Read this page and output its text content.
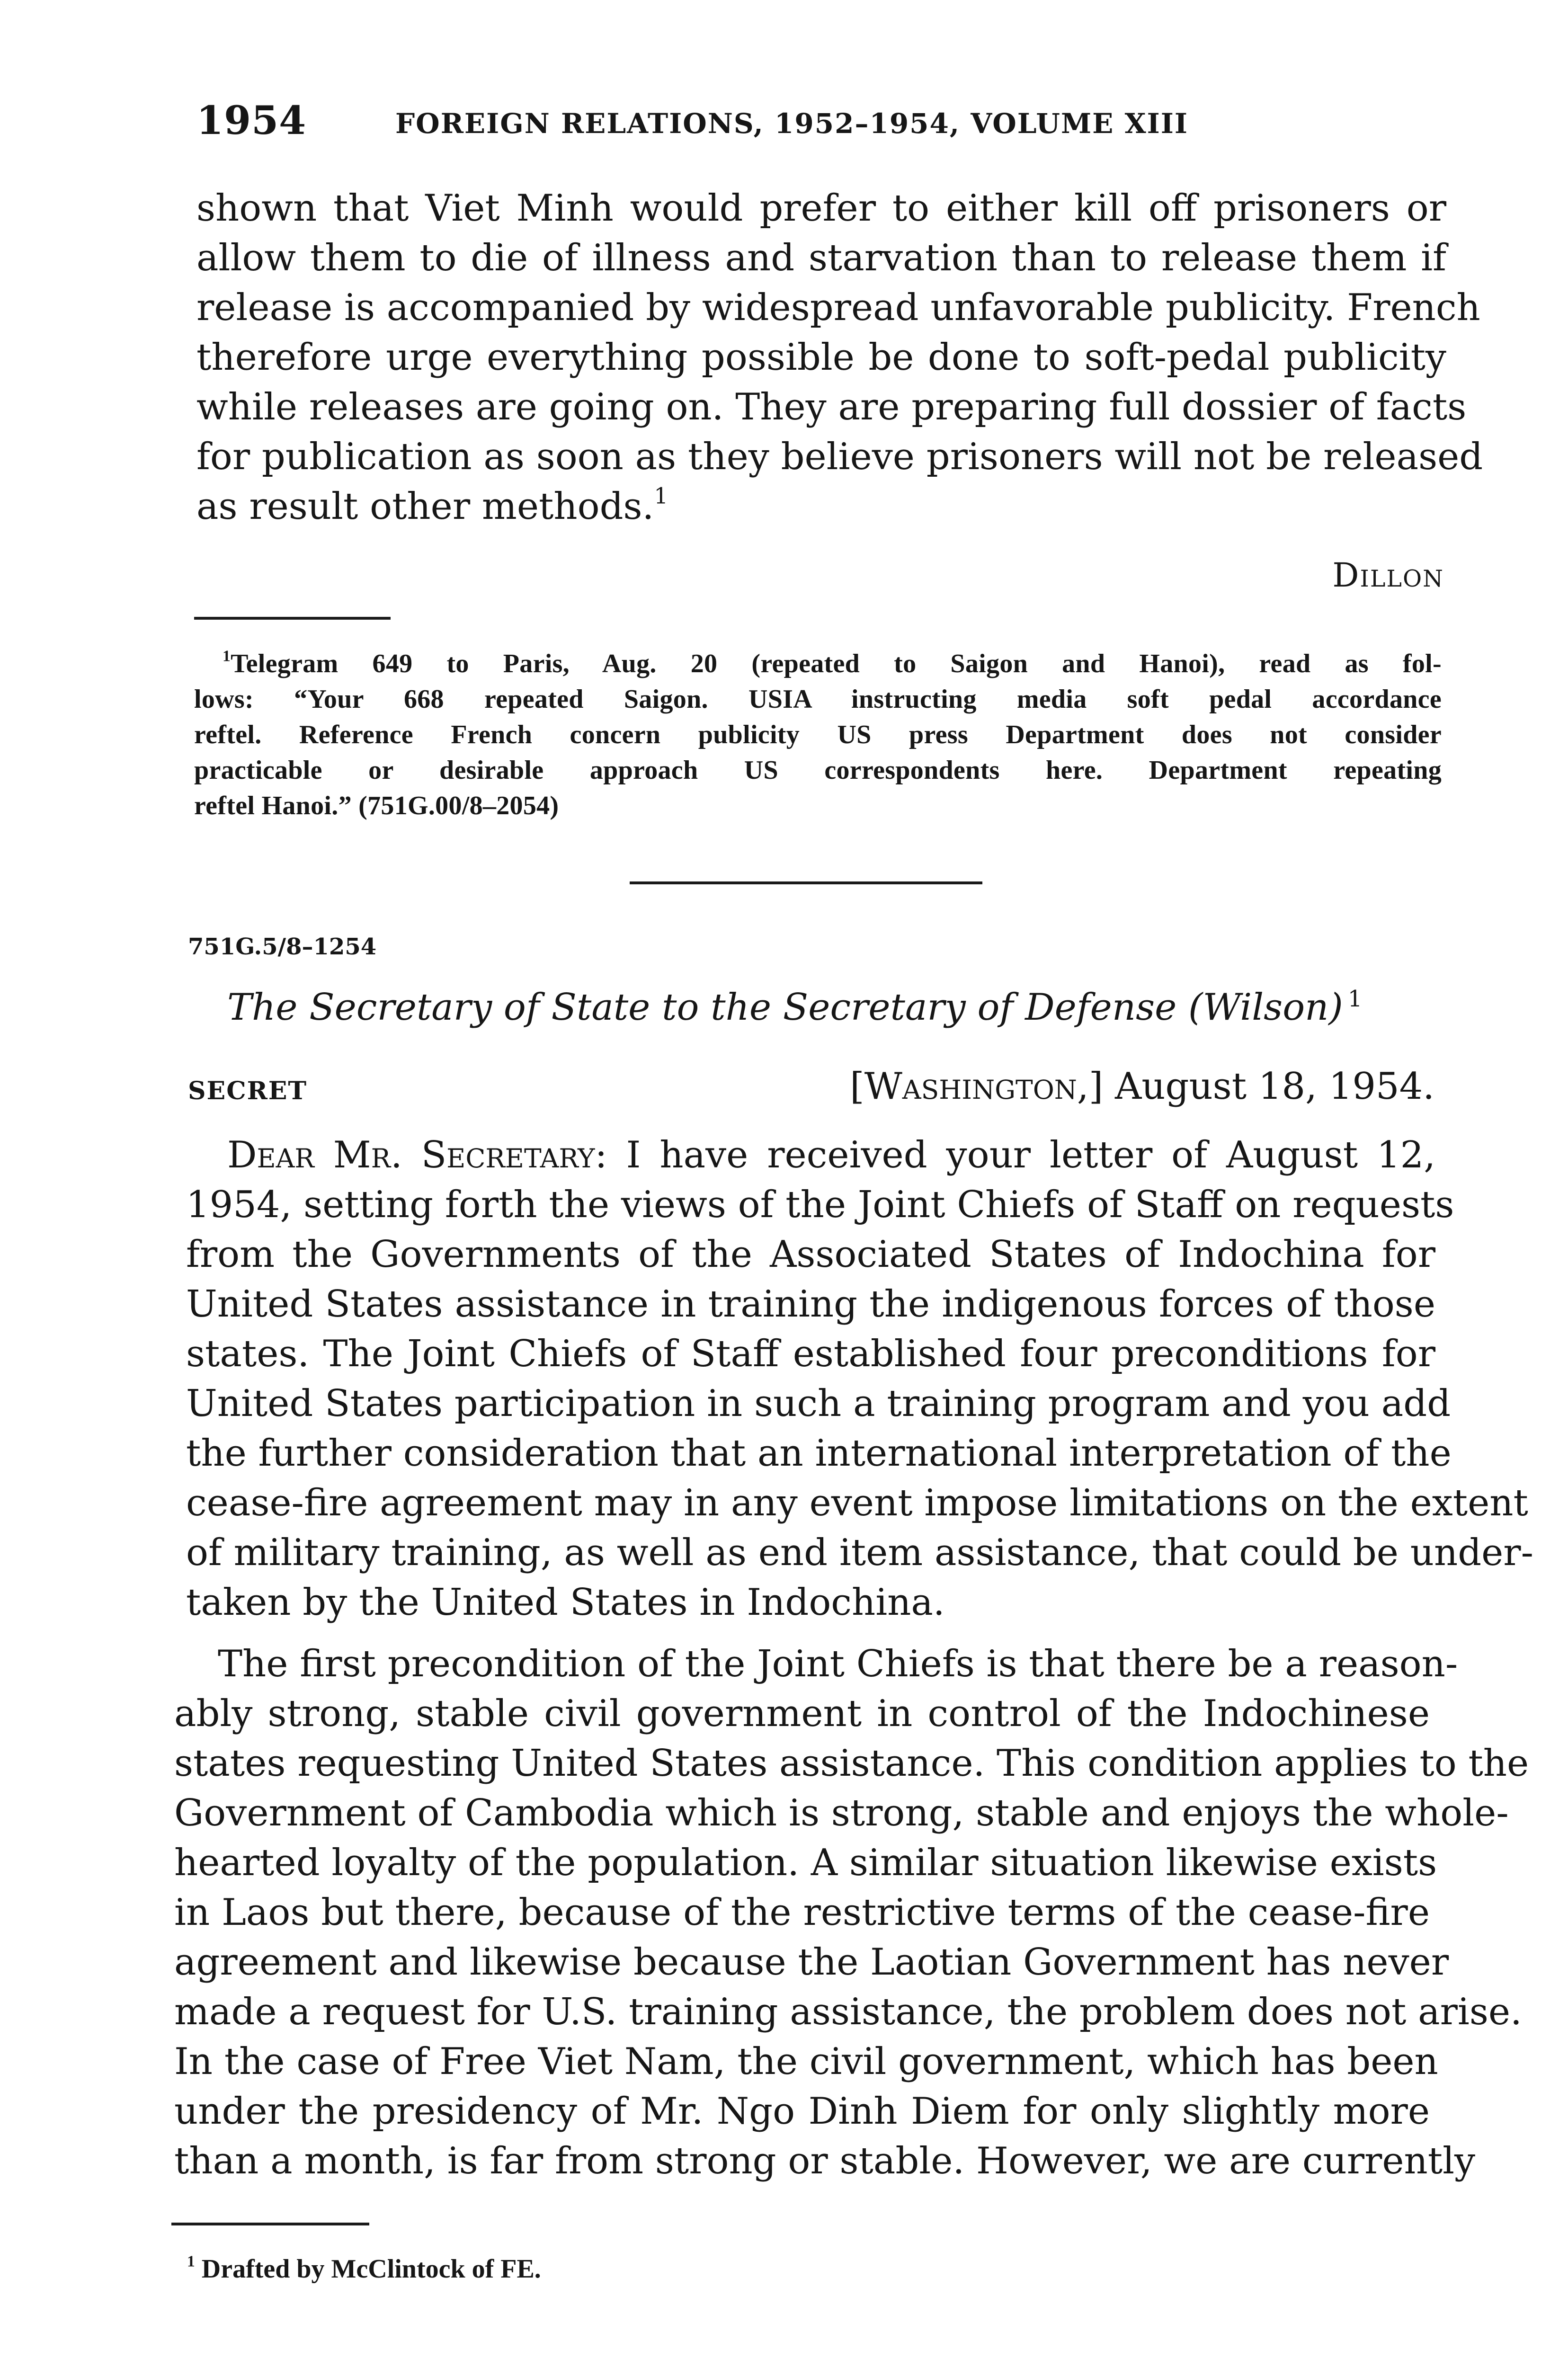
1954	FOREIGN RELATIONS, 1952–1954, VOLUME XIII
shown that Viet Minh would prefer to either kill off prisoners or
allow them to die of illness and starvation than to release them if
release is accompanied by widespread unfavorable publicity. French
therefore urge everything possible be done to soft-pedal publicity
while releases are going on. They are preparing full dossier of facts
for publication as soon as they believe prisoners will not be released
as result other methods.$^1$
Dillon
$^1$Telegram 649 to Paris, Aug. 20 (repeated to Saigon and Hanoi), read as fol-
lows: “Your 668 repeated Saigon. USIA instructing media soft pedal accordance
reftel. Reference French concern publicity US press Department does not consider
practicable or desirable approach US correspondents here. Department repeating
reftel Hanoi.” (751G.00/8–2054)
751G.5/8–1254
The Secretary of State to the Secretary of Defense (Wilson) $^1$
SECRET	[Washington,] August 18, 1954.
Dear Mr. Secretary: I have received your letter of August 12,
1954, setting forth the views of the Joint Chiefs of Staff on requests
from the Governments of the Associated States of Indochina for
United States assistance in training the indigenous forces of those
states. The Joint Chiefs of Staff established four preconditions for
United States participation in such a training program and you add
the further consideration that an international interpretation of the
cease-fire agreement may in any event impose limitations on the extent
of military training, as well as end item assistance, that could be under-
taken by the United States in Indochina.
The first precondition of the Joint Chiefs is that there be a reason-
ably strong, stable civil government in control of the Indochinese
states requesting United States assistance. This condition applies to the
Government of Cambodia which is strong, stable and enjoys the whole-
hearted loyalty of the population. A similar situation likewise exists
in Laos but there, because of the restrictive terms of the cease-fire
agreement and likewise because the Laotian Government has never
made a request for U.S. training assistance, the problem does not arise.
In the case of Free Viet Nam, the civil government, which has been
under the presidency of Mr. Ngo Dinh Diem for only slightly more
than a month, is far from strong or stable. However, we are currently
$^1$ Drafted by McClintock of FE.
